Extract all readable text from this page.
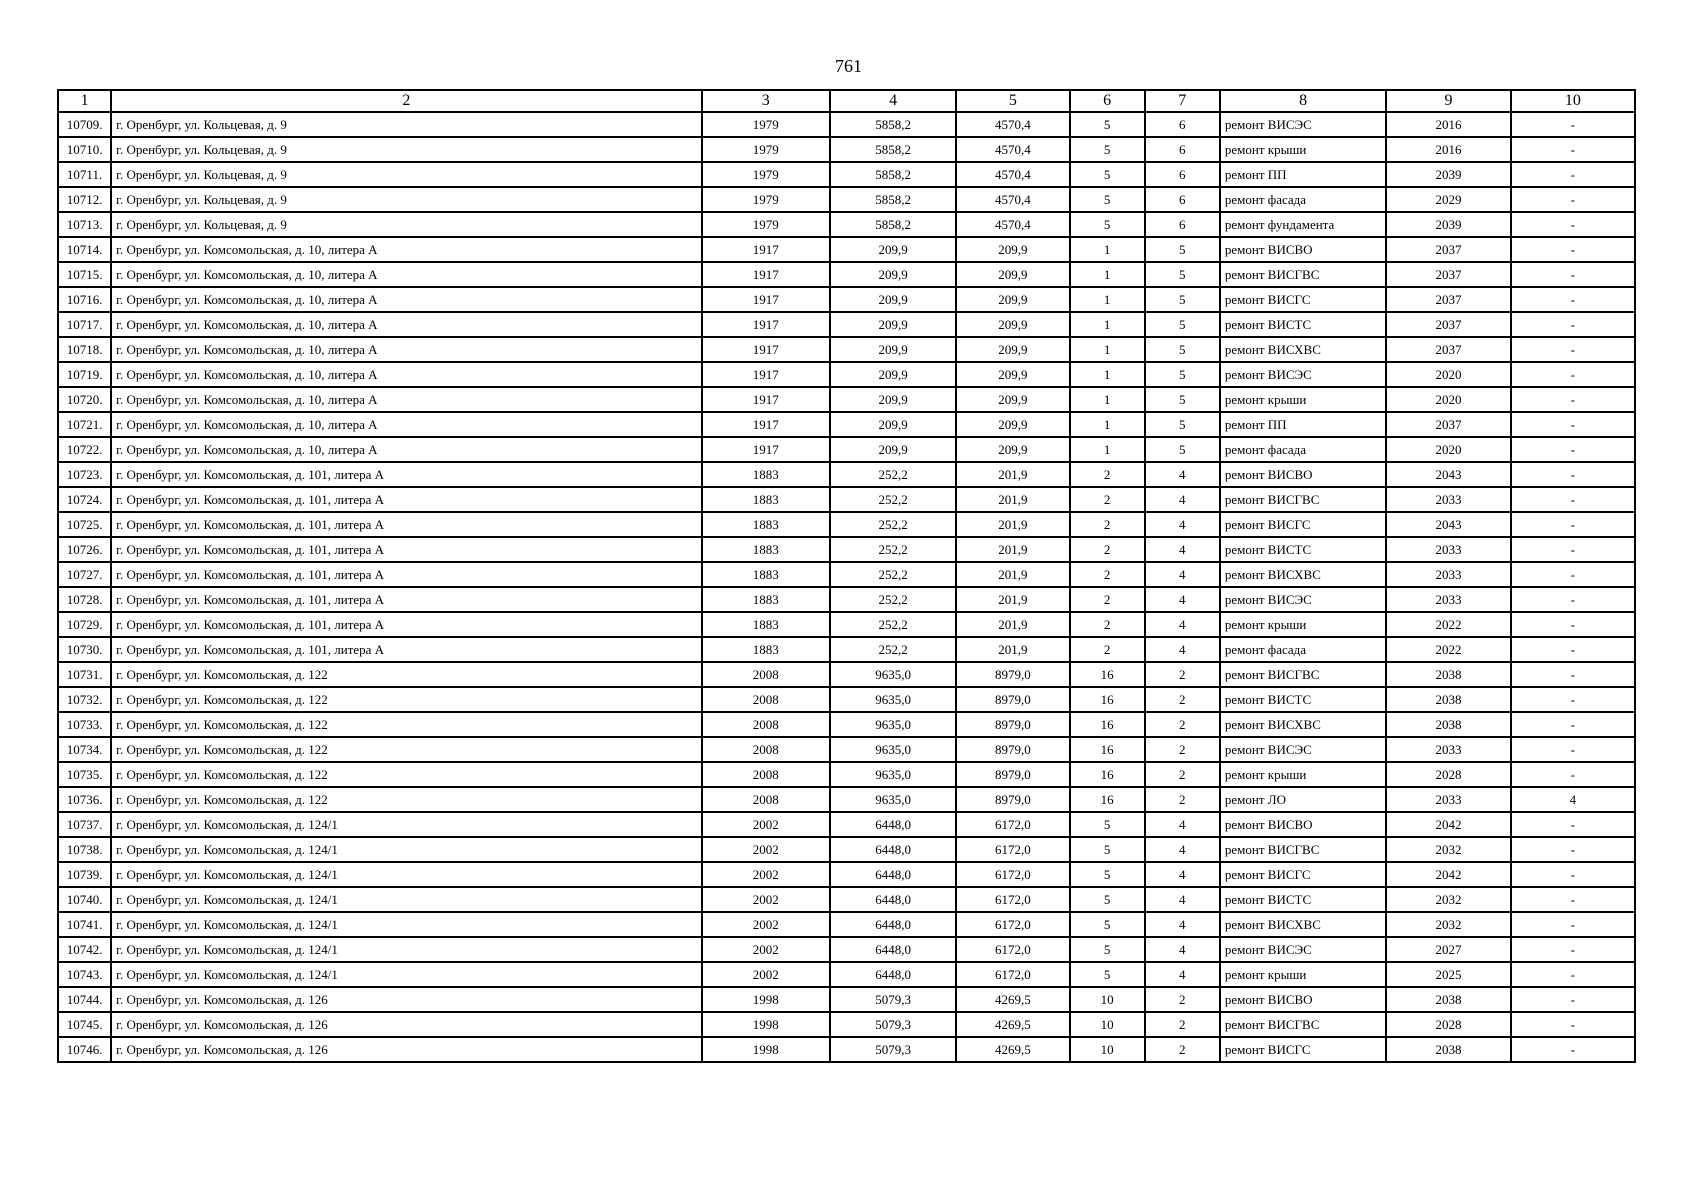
761
1	2	3	4	5	6	7	8	9	10
10709.	г. Оренбург, ул. Кольцевая, д. 9	1979	5858,2	4570,4	5	6	ремонт ВИСЭС	2016	-
10710.	г. Оренбург, ул. Кольцевая, д. 9	1979	5858,2	4570,4	5	6	ремонт крыши	2016	-
10711.	г. Оренбург, ул. Кольцевая, д. 9	1979	5858,2	4570,4	5	6	ремонт ПП	2039	-
10712.	г. Оренбург, ул. Кольцевая, д. 9	1979	5858,2	4570,4	5	6	ремонт фасада	2029	-
10713.	г. Оренбург, ул. Кольцевая, д. 9	1979	5858,2	4570,4	5	6	ремонт фундамента	2039	-
10714.	г. Оренбург, ул. Комсомольская, д. 10, литера А	1917	209,9	209,9	1	5	ремонт ВИСВО	2037	-
10715.	г. Оренбург, ул. Комсомольская, д. 10, литера А	1917	209,9	209,9	1	5	ремонт ВИСГВС	2037	-
10716.	г. Оренбург, ул. Комсомольская, д. 10, литера А	1917	209,9	209,9	1	5	ремонт ВИСГС	2037	-
10717.	г. Оренбург, ул. Комсомольская, д. 10, литера А	1917	209,9	209,9	1	5	ремонт ВИСТС	2037	-
10718.	г. Оренбург, ул. Комсомольская, д. 10, литера А	1917	209,9	209,9	1	5	ремонт ВИСХВС	2037	-
10719.	г. Оренбург, ул. Комсомольская, д. 10, литера А	1917	209,9	209,9	1	5	ремонт ВИСЭС	2020	-
10720.	г. Оренбург, ул. Комсомольская, д. 10, литера А	1917	209,9	209,9	1	5	ремонт крыши	2020	-
10721.	г. Оренбург, ул. Комсомольская, д. 10, литера А	1917	209,9	209,9	1	5	ремонт ПП	2037	-
10722.	г. Оренбург, ул. Комсомольская, д. 10, литера А	1917	209,9	209,9	1	5	ремонт фасада	2020	-
10723.	г. Оренбург, ул. Комсомольская, д. 101, литера А	1883	252,2	201,9	2	4	ремонт ВИСВО	2043	-
10724.	г. Оренбург, ул. Комсомольская, д. 101, литера А	1883	252,2	201,9	2	4	ремонт ВИСГВС	2033	-
10725.	г. Оренбург, ул. Комсомольская, д. 101, литера А	1883	252,2	201,9	2	4	ремонт ВИСГС	2043	-
10726.	г. Оренбург, ул. Комсомольская, д. 101, литера А	1883	252,2	201,9	2	4	ремонт ВИСТС	2033	-
10727.	г. Оренбург, ул. Комсомольская, д. 101, литера А	1883	252,2	201,9	2	4	ремонт ВИСХВС	2033	-
10728.	г. Оренбург, ул. Комсомольская, д. 101, литера А	1883	252,2	201,9	2	4	ремонт ВИСЭС	2033	-
10729.	г. Оренбург, ул. Комсомольская, д. 101, литера А	1883	252,2	201,9	2	4	ремонт крыши	2022	-
10730.	г. Оренбург, ул. Комсомольская, д. 101, литера А	1883	252,2	201,9	2	4	ремонт фасада	2022	-
10731.	г. Оренбург, ул. Комсомольская, д. 122	2008	9635,0	8979,0	16	2	ремонт ВИСГВС	2038	-
10732.	г. Оренбург, ул. Комсомольская, д. 122	2008	9635,0	8979,0	16	2	ремонт ВИСТС	2038	-
10733.	г. Оренбург, ул. Комсомольская, д. 122	2008	9635,0	8979,0	16	2	ремонт ВИСХВС	2038	-
10734.	г. Оренбург, ул. Комсомольская, д. 122	2008	9635,0	8979,0	16	2	ремонт ВИСЭС	2033	-
10735.	г. Оренбург, ул. Комсомольская, д. 122	2008	9635,0	8979,0	16	2	ремонт крыши	2028	-
10736.	г. Оренбург, ул. Комсомольская, д. 122	2008	9635,0	8979,0	16	2	ремонт ЛО	2033	4
10737.	г. Оренбург, ул. Комсомольская, д. 124/1	2002	6448,0	6172,0	5	4	ремонт ВИСВО	2042	-
10738.	г. Оренбург, ул. Комсомольская, д. 124/1	2002	6448,0	6172,0	5	4	ремонт ВИСГВС	2032	-
10739.	г. Оренбург, ул. Комсомольская, д. 124/1	2002	6448,0	6172,0	5	4	ремонт ВИСГС	2042	-
10740.	г. Оренбург, ул. Комсомольская, д. 124/1	2002	6448,0	6172,0	5	4	ремонт ВИСТС	2032	-
10741.	г. Оренбург, ул. Комсомольская, д. 124/1	2002	6448,0	6172,0	5	4	ремонт ВИСХВС	2032	-
10742.	г. Оренбург, ул. Комсомольская, д. 124/1	2002	6448,0	6172,0	5	4	ремонт ВИСЭС	2027	-
10743.	г. Оренбург, ул. Комсомольская, д. 124/1	2002	6448,0	6172,0	5	4	ремонт крыши	2025	-
10744.	г. Оренбург, ул. Комсомольская, д. 126	1998	5079,3	4269,5	10	2	ремонт ВИСВО	2038	-
10745.	г. Оренбург, ул. Комсомольская, д. 126	1998	5079,3	4269,5	10	2	ремонт ВИСГВС	2028	-
10746.	г. Оренбург, ул. Комсомольская, д. 126	1998	5079,3	4269,5	10	2	ремонт ВИСГС	2038	-
